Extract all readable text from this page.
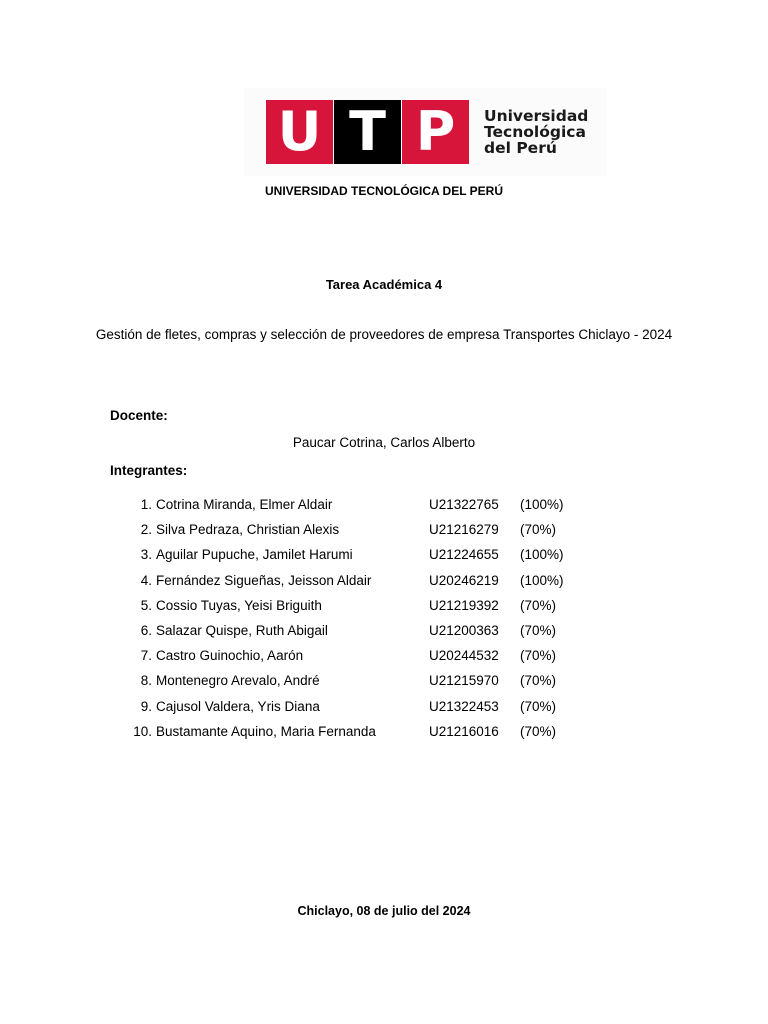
U T P	Universidad
Tecnológica
del Perú
UNIVERSIDAD TECNOLÓGICA DEL PERÚ
Tarea Académica 4
Gestión de fletes, compras y selección de proveedores de empresa Transportes Chiclayo - 2024
Docente:
Paucar Cotrina, Carlos Alberto
Integrantes:
1. Cotrina Miranda, Elmer Aldair	U21322765 (100%)
2. Silva Pedraza, Christian Alexis	U21216279 (70%)
3. Aguilar Pupuche, Jamilet Harumi	U21224655 (100%)
4. Fernández Sigueñas, Jeisson Aldair	U20246219 (100%)
5. Cossio Tuyas, Yeisi Briguith	U21219392 (70%)
6. Salazar Quispe, Ruth Abigail	U21200363 (70%)
7. Castro Guinochio, Aarón	U20244532 (70%)
8. Montenegro Arevalo, André	U21215970 (70%)
9. Cajusol Valdera, Yris Diana	U21322453 (70%)
10. Bustamante Aquino, Maria Fernanda	U21216016 (70%)
Chiclayo, 08 de julio del 2024
